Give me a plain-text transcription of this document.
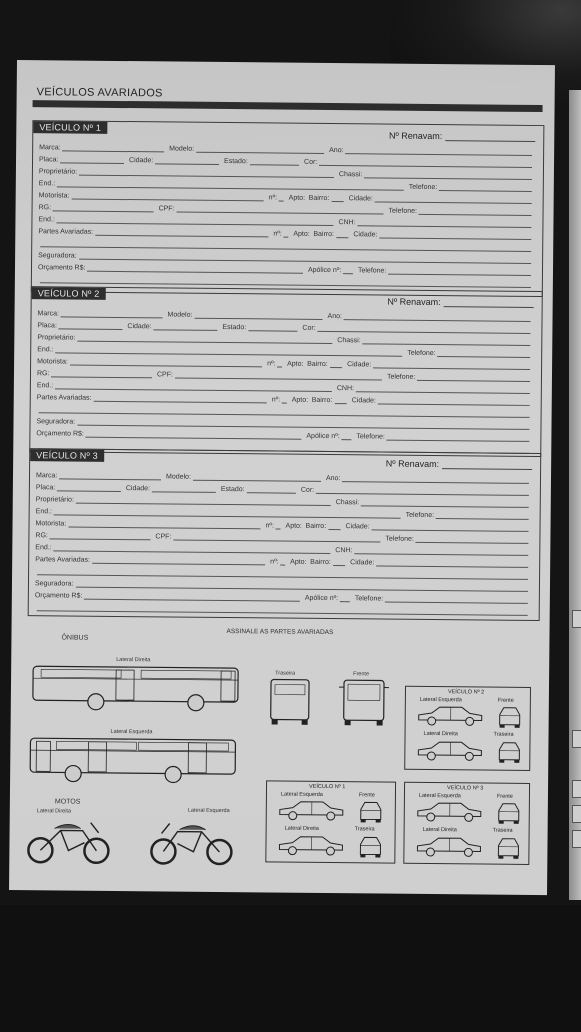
VEÍCULOS AVARIADOS
VEÍCULO Nº 1
Nº Renavam:
Marca:	Modelo:	Ano:
Placa:	Cidade:	Estado:	Cor:
Proprietário:	Chassi:
End.:	Telefone:
Motorista:	nº: Apto: Bairro:	Cidade:
RG:	CPF:	Telefone:
End.:	CNH:
Partes Avariadas:	nº: Apto: Bairro:	Cidade:
Seguradora:
Orçamento R$:	Apólice nº: Telefone:
VEÍCULO Nº 2
Nº Renavam:
Marca:	Modelo:	Ano:
Placa:	Cidade:	Estado:	Cor:
Proprietário:	Chassi:
End.:	Telefone:
Motorista:	nº: Apto: Bairro:	Cidade:
RG:	CPF:	Telefone:
End.:	CNH:
Partes Avariadas:	nº: Apto: Bairro:	Cidade:
Seguradora:
Orçamento R$:	Apólice nº: Telefone:
VEÍCULO Nº 3
Nº Renavam:
Marca:	Modelo:	Ano:
Placa:	Cidade:	Estado:	Cor:
Proprietário:	Chassi:
End.:	Telefone:
Motorista:	nº: Apto: Bairro:	Cidade:
RG:	CPF:	Telefone:
End.:	CNH:
Partes Avariadas:	nº: Apto: Bairro:	Cidade:
Seguradora:
Orçamento R$:	Apólice nº: Telefone:
ASSINALE AS PARTES AVARIADAS
ÔNIBUS
Lateral Direita
Traseira	Frente
Lateral Esquerda
MOTOS
Lateral Direita	Lateral Esquerda
VEÍCULO Nº 2
Lateral Esquerda	Frente
Lateral Direita	Traseira
VEÍCULO Nº 1
Lateral Esquerda	Frente
Lateral Direita	Traseira
VEÍCULO Nº 3
Lateral Esquerda	Frente
Lateral Direita	Traseira
